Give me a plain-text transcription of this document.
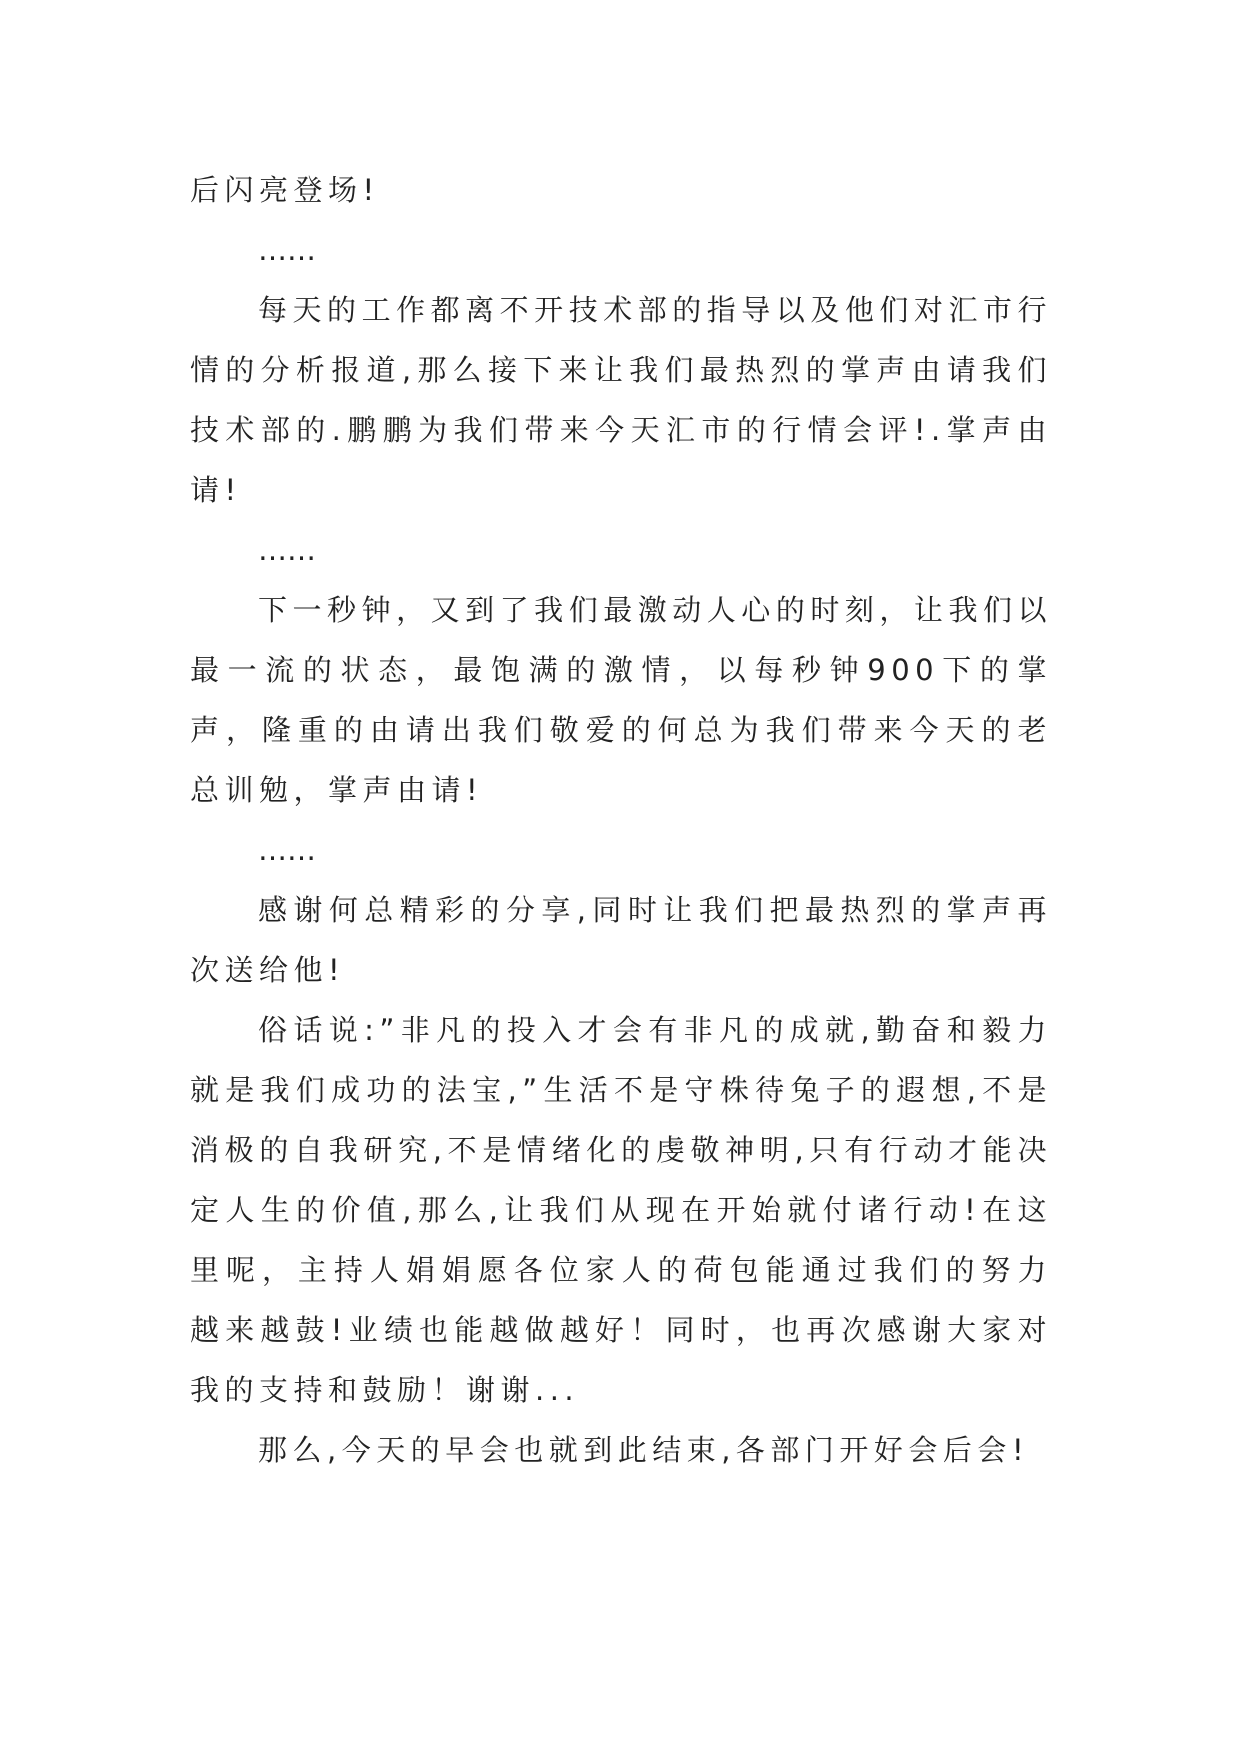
后闪亮登场!

……

每天的工作都离不开技术部的指导以及他们对汇市行情的分析报道,那么接下来让我们最热烈的掌声由请我们技术部的.鹏鹏为我们带来今天汇市的行情会评!.掌声由请!

……

下一秒钟，又到了我们最激动人心的时刻，让我们以最一流的状态，最饱满的激情，以每秒钟900下的掌声，隆重的由请出我们敬爱的何总为我们带来今天的老总训勉，掌声由请!

……

感谢何总精彩的分享,同时让我们把最热烈的掌声再次送给他!

俗话说:”非凡的投入才会有非凡的成就,勤奋和毅力就是我们成功的法宝,”生活不是守株待兔子的遐想,不是消极的自我研究,不是情绪化的虔敬神明,只有行动才能决定人生的价值,那么,让我们从现在开始就付诸行动!在这里呢，主持人娟娟愿各位家人的荷包能通过我们的努力越来越鼓!业绩也能越做越好！同时，也再次感谢大家对我的支持和鼓励！谢谢...

那么,今天的早会也就到此结束,各部门开好会后会!
